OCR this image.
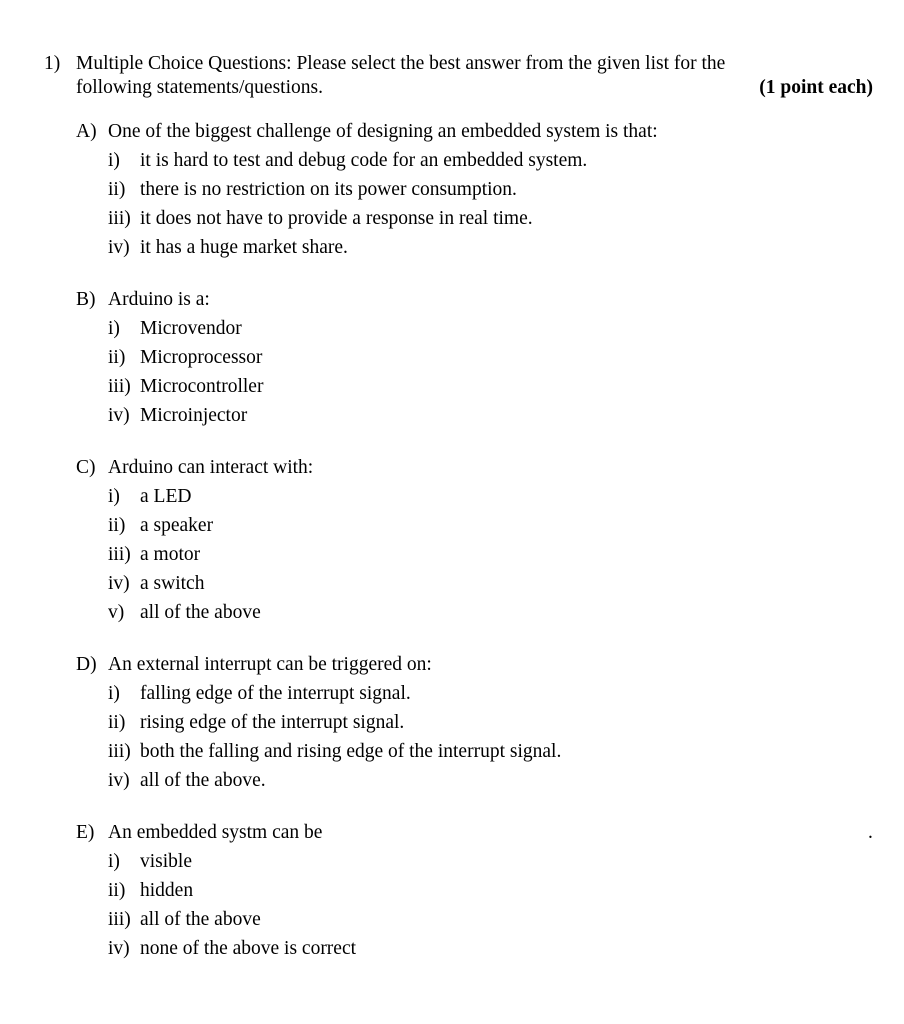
1) Multiple Choice Questions: Please select the best answer from the given list for the
following statements/questions.	(1 point each)
A) One of the biggest challenge of designing an embedded system is that:
i) it is hard to test and debug code for an embedded system.
ii) there is no restriction on its power consumption.
iii) it does not have to provide a response in real time.
iv) it has a huge market share.
B) Arduino is a:
i) Microvendor
ii) Microprocessor
iii) Microcontroller
iv) Microinjector
C) Arduino can interact with:
i) a LED
ii) a speaker
iii) a motor
iv) a switch
v) all of the above
D) An external interrupt can be triggered on:
i) falling edge of the interrupt signal.
ii) rising edge of the interrupt signal.
iii) both the falling and rising edge of the interrupt signal.
iv) all of the above.
E) An embedded systm can be	.
i) visible
ii) hidden
iii) all of the above
iv) none of the above is correct
